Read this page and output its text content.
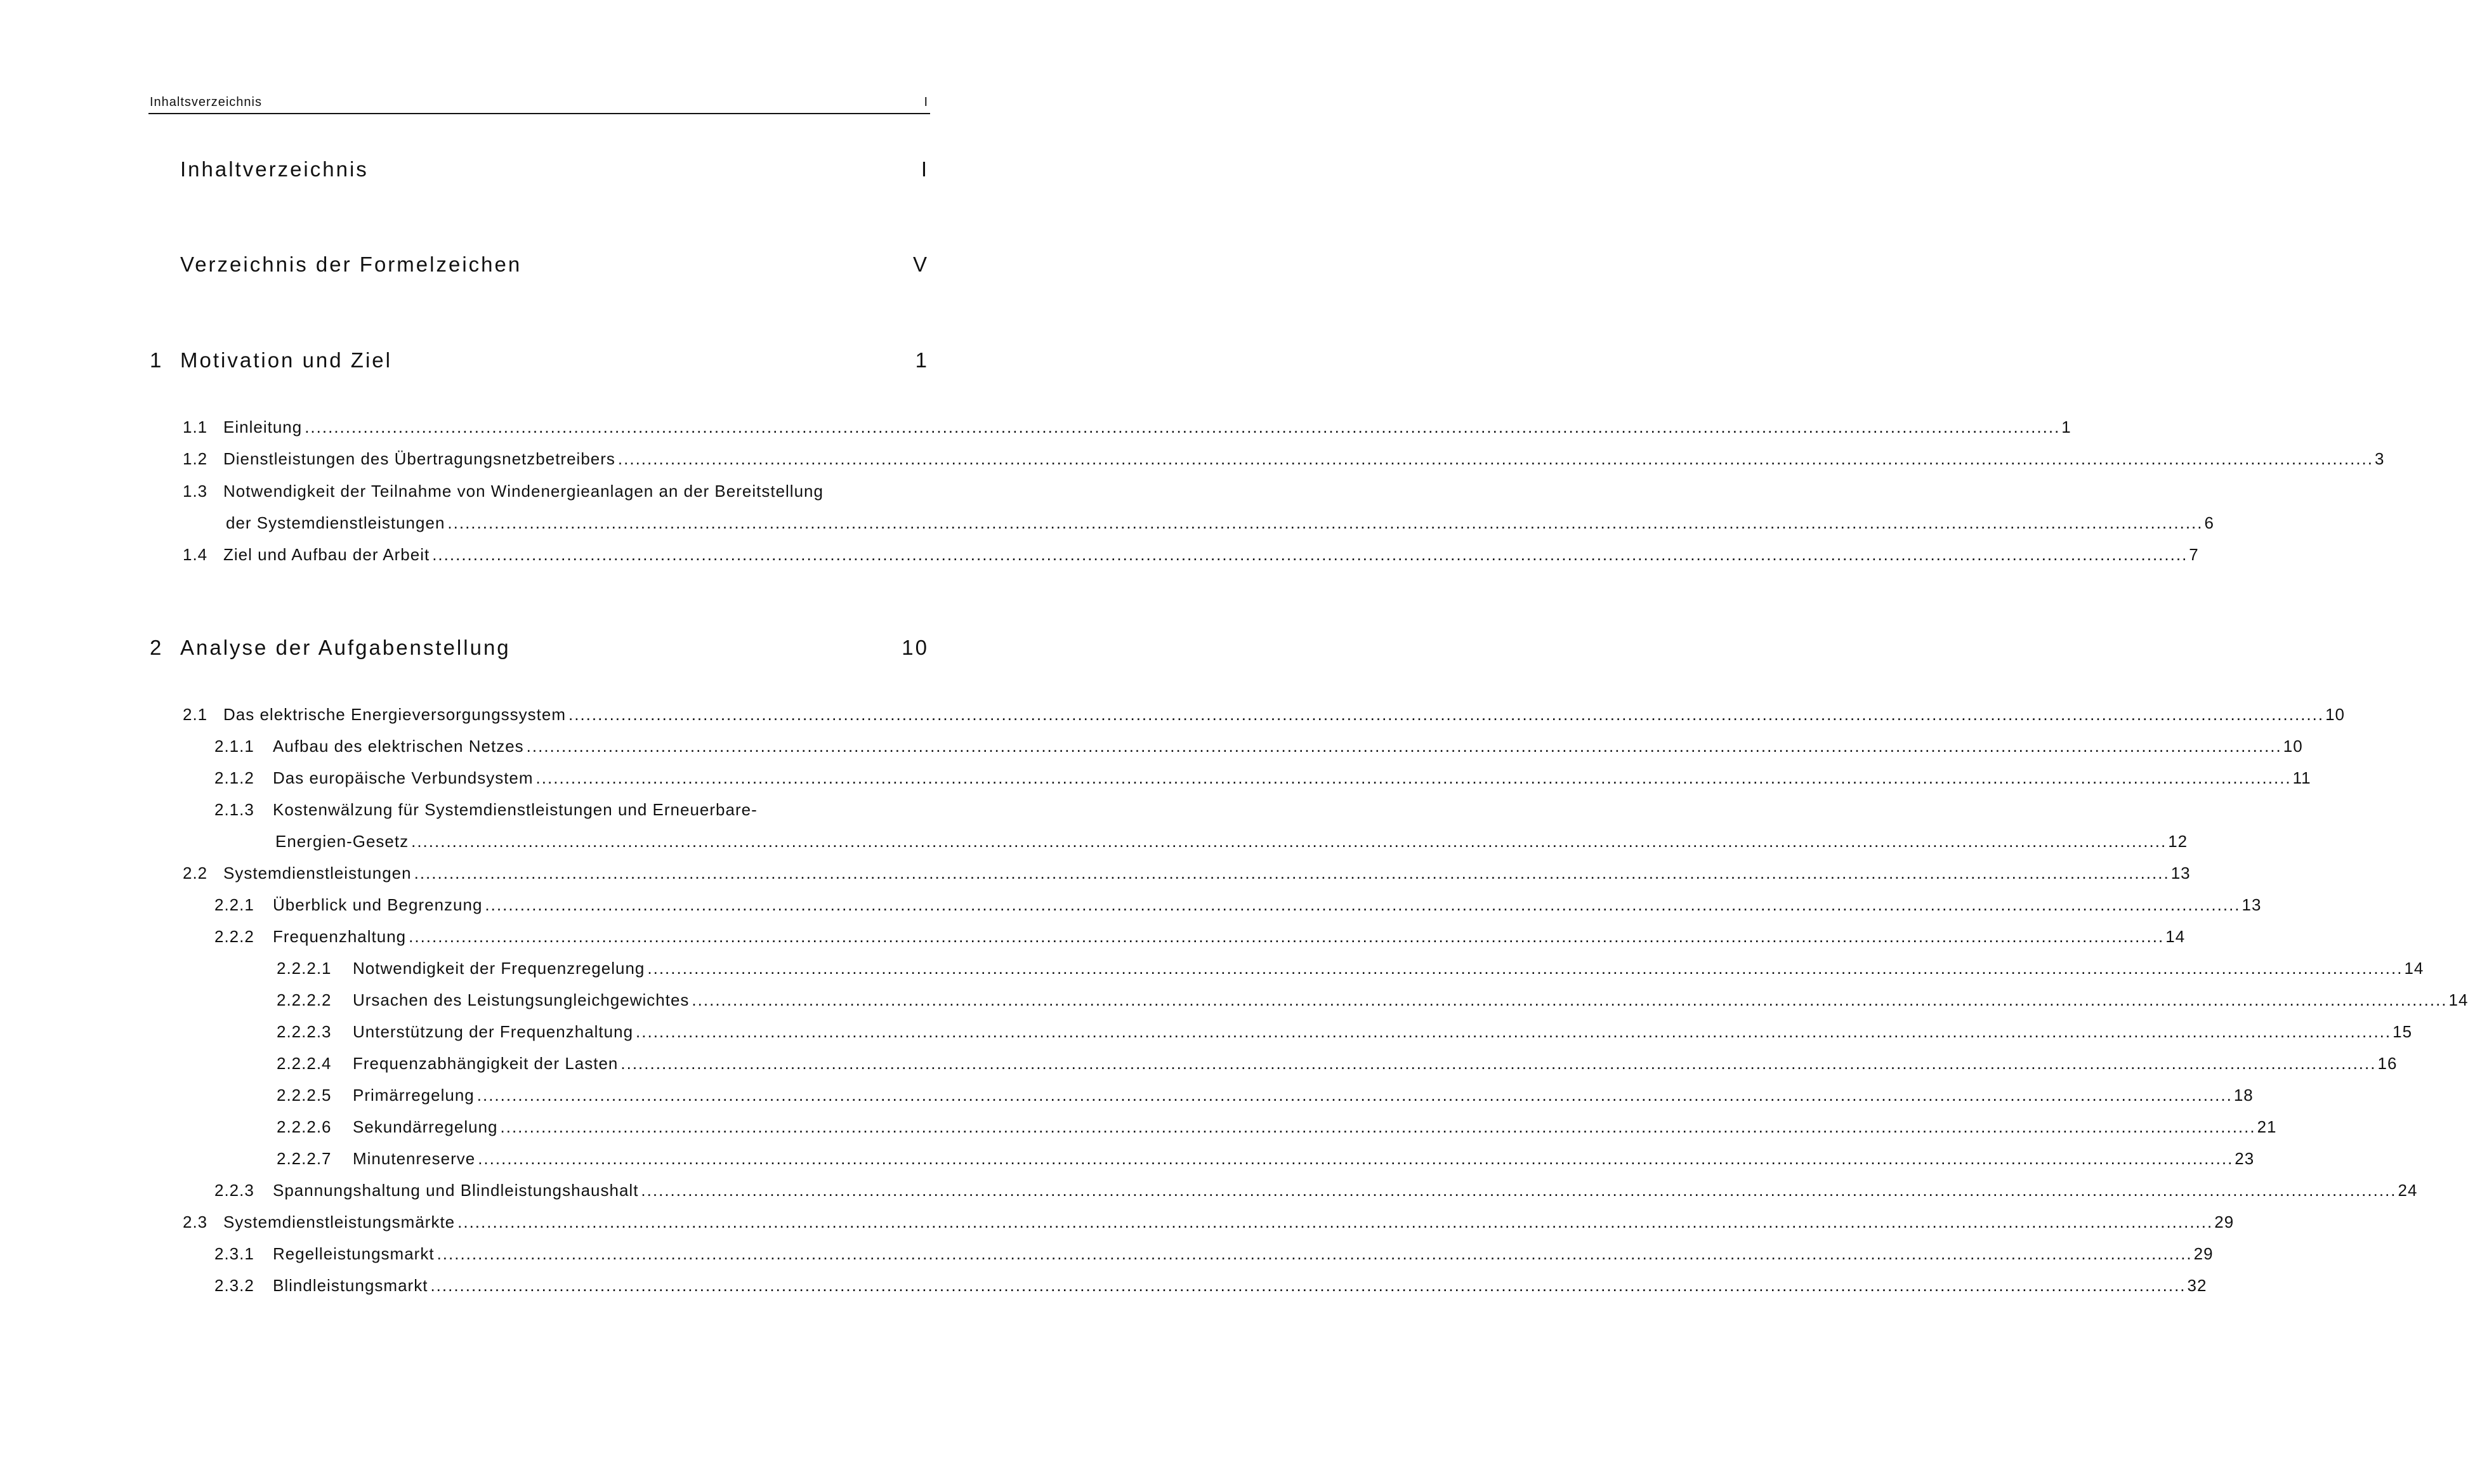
Inhaltsverzeichnis	I
Inhaltverzeichnis	I
Verzeichnis der Formelzeichen	V
1 Motivation und Ziel	1
1.1 Einleitung ............................................................................................................................................................................................................................................................................................................ 1
1.2 Dienstleistungen des Übertragungsnetzbetreibers ............................................................................................................................................................................................................................................................................................................ 3
1.3 Notwendigkeit der Teilnahme von Windenergieanlagen an der Bereitstellung
der Systemdienstleistungen ............................................................................................................................................................................................................................................................................................................ 6
1.4 Ziel und Aufbau der Arbeit ............................................................................................................................................................................................................................................................................................................ 7
2 Analyse der Aufgabenstellung	10
2.1 Das elektrische Energieversorgungssystem ............................................................................................................................................................................................................................................................................................................ 10
2.1.1 Aufbau des elektrischen Netzes ............................................................................................................................................................................................................................................................................................................ 10
2.1.2 Das europäische Verbundsystem ............................................................................................................................................................................................................................................................................................................ 11
2.1.3 Kostenwälzung für Systemdienstleistungen und Erneuerbare-
Energien-Gesetz ............................................................................................................................................................................................................................................................................................................ 12
2.2 Systemdienstleistungen ............................................................................................................................................................................................................................................................................................................ 13
2.2.1 Überblick und Begrenzung ............................................................................................................................................................................................................................................................................................................ 13
2.2.2 Frequenzhaltung ............................................................................................................................................................................................................................................................................................................ 14
2.2.2.1 Notwendigkeit der Frequenzregelung ............................................................................................................................................................................................................................................................................................................ 14
2.2.2.2 Ursachen des Leistungsungleichgewichtes ............................................................................................................................................................................................................................................................................................................ 14
2.2.2.3 Unterstützung der Frequenzhaltung ............................................................................................................................................................................................................................................................................................................ 15
2.2.2.4 Frequenzabhängigkeit der Lasten ............................................................................................................................................................................................................................................................................................................ 16
2.2.2.5 Primärregelung ............................................................................................................................................................................................................................................................................................................ 18
2.2.2.6 Sekundärregelung ............................................................................................................................................................................................................................................................................................................ 21
2.2.2.7 Minutenreserve ............................................................................................................................................................................................................................................................................................................ 23
2.2.3 Spannungshaltung und Blindleistungshaushalt ............................................................................................................................................................................................................................................................................................................ 24
2.3 Systemdienstleistungsmärkte ............................................................................................................................................................................................................................................................................................................ 29
2.3.1 Regelleistungsmarkt ............................................................................................................................................................................................................................................................................................................ 29
2.3.2 Blindleistungsmarkt ............................................................................................................................................................................................................................................................................................................ 32
